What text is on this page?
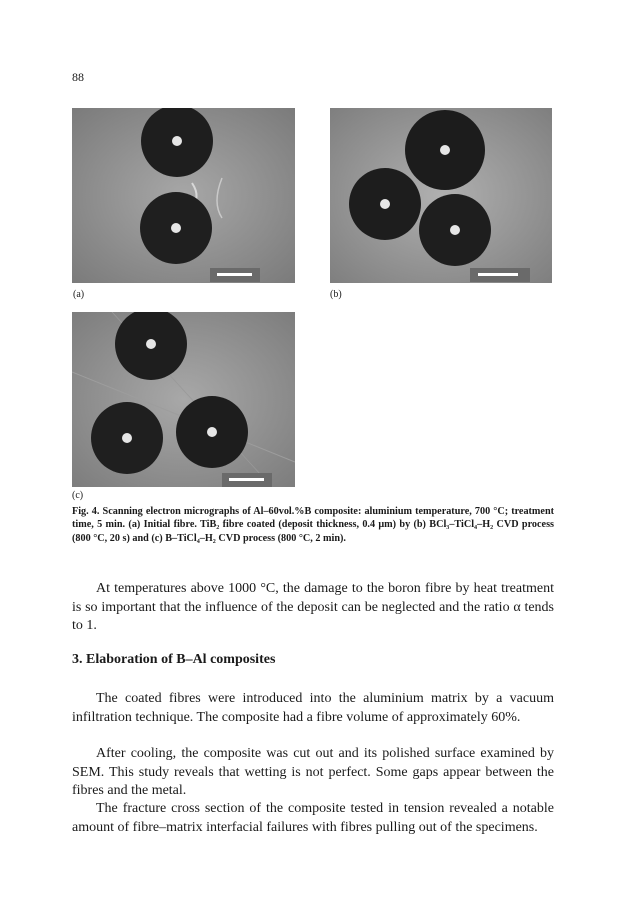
88
(a)	(b)
(c)
Fig. 4. Scanning electron micrographs of Al–60vol.%B composite: aluminium temperature, 700 °C; treatment time, 5 min. (a) Initial fibre. TiB₂ fibre coated (deposit thickness, 0.4 μm) by (b) BCl₃–TiCl₄–H₂ CVD process (800 °C, 20 s) and (c) B–TiCl₄–H₂ CVD process (800 °C, 2 min).

At temperatures above 1000 °C, the damage to the boron fibre by heat treatment is so important that the influence of the deposit can be neglected and the ratio α tends to 1.

3. Elaboration of B–Al composites

The coated fibres were introduced into the aluminium matrix by a vacuum infiltration technique. The composite had a fibre volume of approximately 60%.

After cooling, the composite was cut out and its polished surface examined by SEM. This study reveals that wetting is not perfect. Some gaps appear between the fibres and the metal.

The fracture cross section of the composite tested in tension revealed a notable amount of fibre–matrix interfacial failures with fibres pulling out of the specimens.
